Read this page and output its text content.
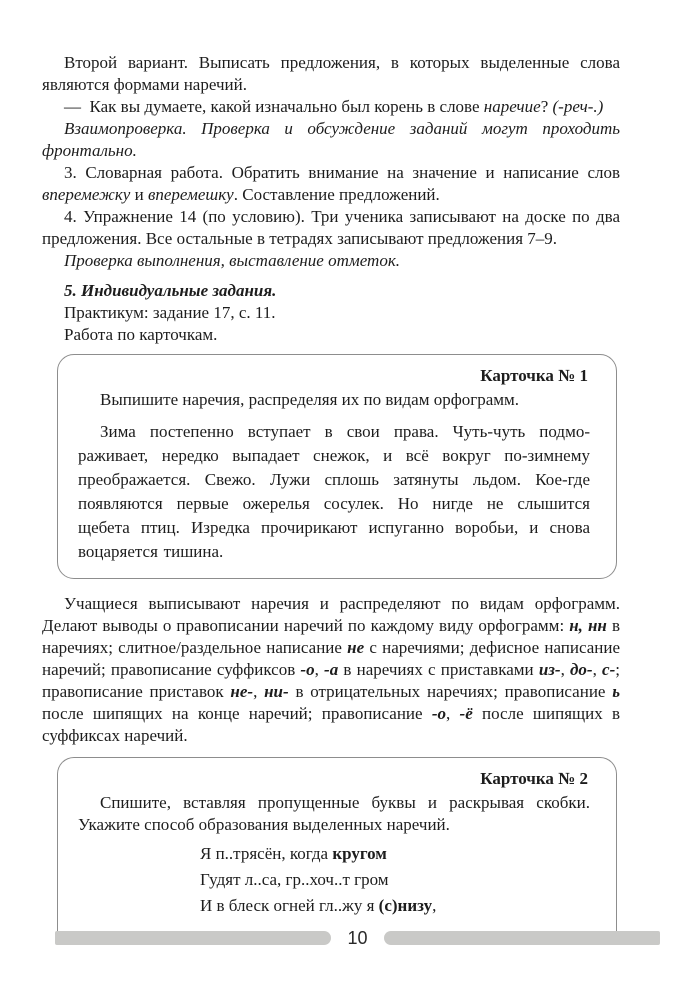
Второй вариант. Выписать предложения, в которых выделенные слова являются формами наречий.

— Как вы думаете, какой изначально был корень в слове наречие? (-реч-.)

Взаимопроверка. Проверка и обсуждение заданий могут проходить фронтально.

3. Словарная работа. Обратить внимание на значение и написание слов вперемежку и вперемешку. Составление предложений.

4. Упражнение 14 (по условию). Три ученика записывают на доске по два предложения. Все остальные в тетрадях записывают предложения 7–9.

Проверка выполнения, выставление отметок.

5. Индивидуальные задания.

Практикум: задание 17, с. 11.

Работа по карточкам.

Карточка № 1

Выпишите наречия, распределяя их по видам орфограмм.

Зима постепенно вступает в свои права. Чуть-чуть подмораживает, нередко выпадает снежок, и всё вокруг по-зимнему преображается. Свежо. Лужи сплошь затянуты льдом. Кое-где появляются первые ожерелья сосулек. Но нигде не слышится щебета птиц. Изредка прочирикают испуганно воробьи, и снова воцаряется тишина.

Учащиеся выписывают наречия и распределяют по видам орфограмм. Делают выводы о правописании наречий по каждому виду орфограмм: н, нн в наречиях; слитное/раздельное написание не с наречиями; дефисное написание наречий; правописание суффиксов -о, -а в наречиях с приставками из-, до-, с-; правописание приставок не-, ни- в отрицательных наречиях; правописание ь после шипящих на конце наречий; правописание -о, -ё после шипящих в суффиксах наречий.

Карточка № 2

Спишите, вставляя пропущенные буквы и раскрывая скобки. Укажите способ образования выделенных наречий.

Я п..трясён, когда кругом

Гудят л..са, гр..хоч..т гром

И в блеск огней гл..жу я (с)низу,

10
